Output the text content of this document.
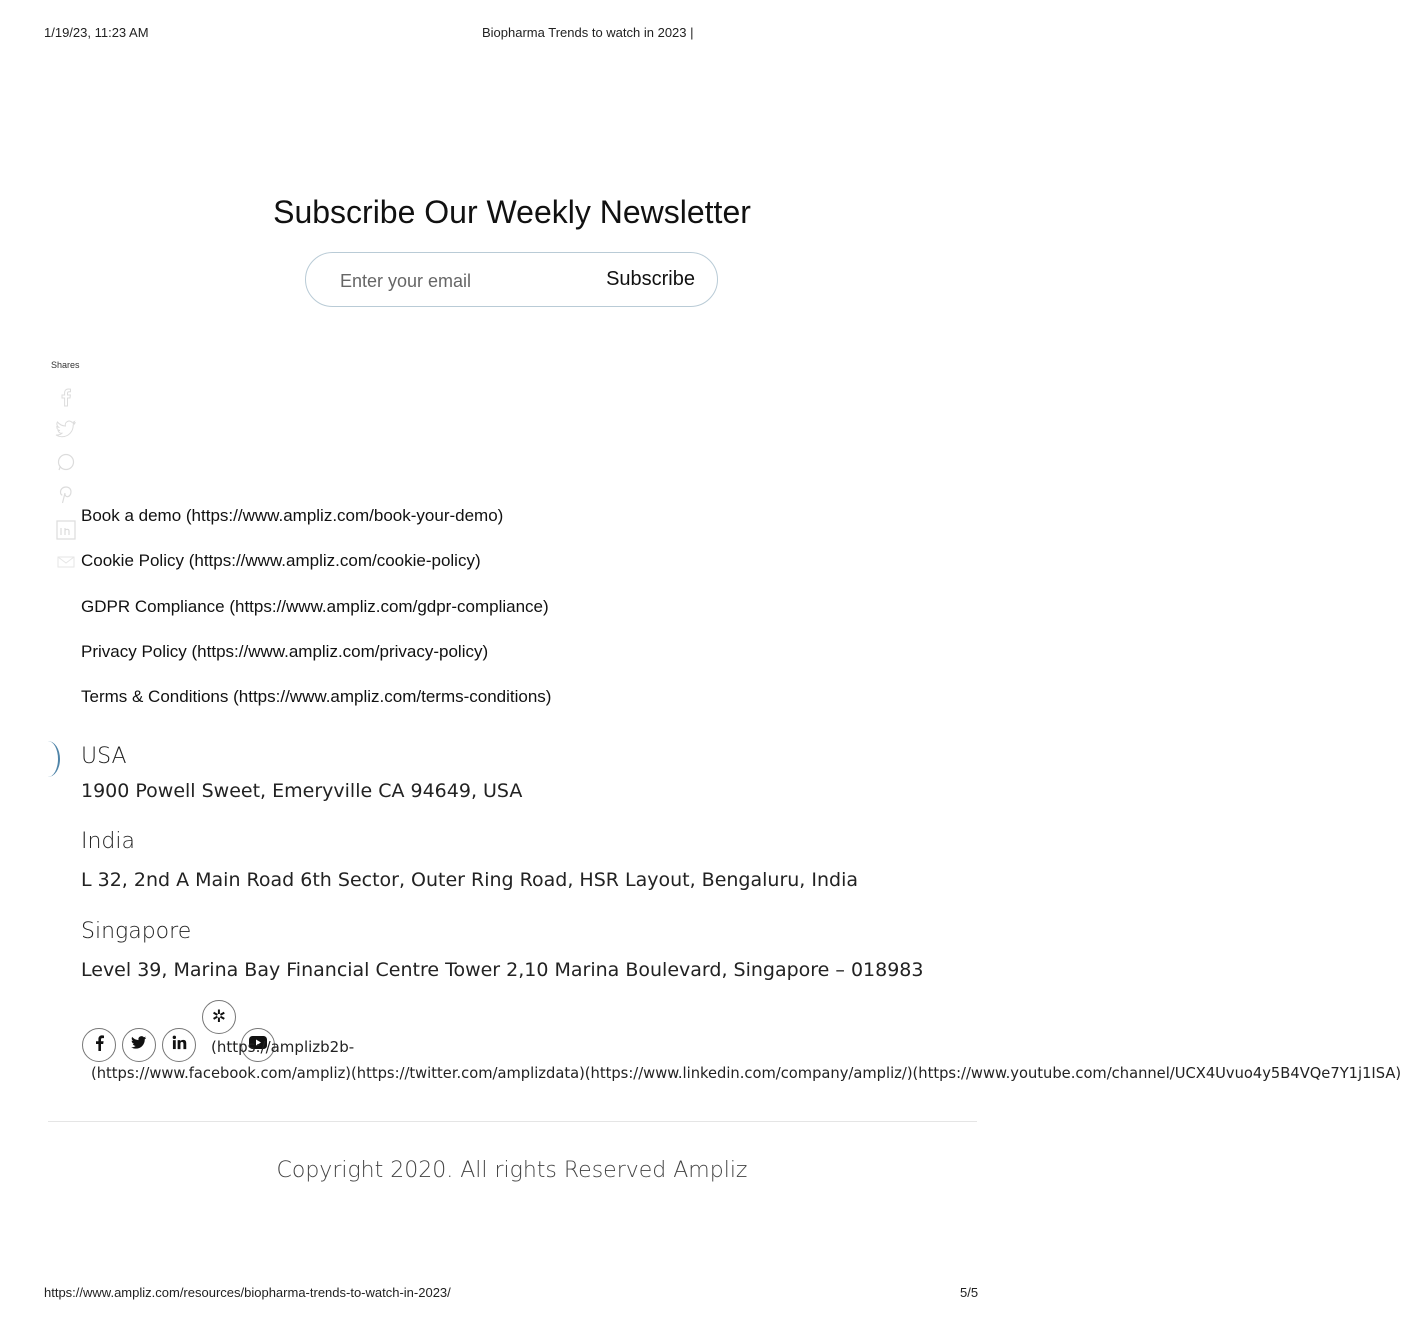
1/19/23, 11:23 AM	Biopharma Trends to watch in 2023 |
Subscribe Our Weekly Newsletter
Enter your email
Subscribe
Shares
Book a demo (https://www.ampliz.com/book-your-demo)
Cookie Policy (https://www.ampliz.com/cookie-policy)
GDPR Compliance (https://www.ampliz.com/gdpr-compliance)
Privacy Policy (https://www.ampliz.com/privacy-policy)
Terms & Conditions (https://www.ampliz.com/terms-conditions)
USA
1900 Powell Sweet, Emeryville CA 94649, USA
India
L 32, 2nd A Main Road 6th Sector, Outer Ring Road, HSR Layout, Bengaluru, India
Singapore
Level 39, Marina Bay Financial Centre Tower 2,10 Marina Boulevard, Singapore – 018983
✲
(https://amplizb2b-
(https://www.facebook.com/ampliz)(https://twitter.com/amplizdata)(https://www.linkedin.com/company/ampliz/)(https://www.youtube.com/channel/UCX4Uvuo4y5B4VQe7Y1j1ISA)
Copyright 2020. All rights Reserved Ampliz
https://www.ampliz.com/resources/biopharma-trends-to-watch-in-2023/	5/5
